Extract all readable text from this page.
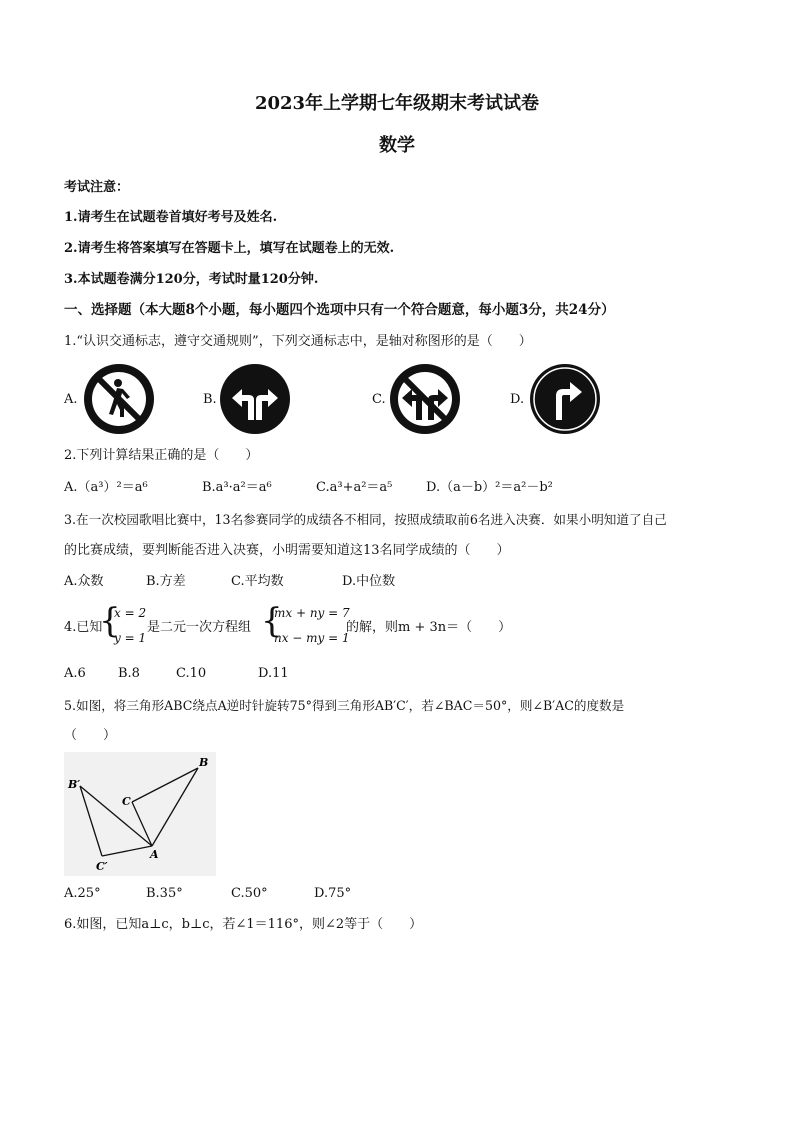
2023年上学期七年级期末考试试卷
数学
考试注意：
1.请考生在试题卷首填好考号及姓名.
2.请考生将答案填写在答题卡上，填写在试题卷上的无效.
3.本试题卷满分120分，考试时量120分钟.
一、选择题（本大题8个小题，每小题四个选项中只有一个符合题意，每小题3分，共24分）
1.“认识交通标志，遵守交通规则”，下列交通标志中，是轴对称图形的是（　　）
A.	B.	C.	D.
2.下列计算结果正确的是（　　）
A.（a³）²＝a⁶	B.a³·a²＝a⁶	C.a³+a²＝a⁵	D.（a－b）²＝a²－b²
3.在一次校园歌唱比赛中，13名参赛同学的成绩各不相同，按照成绩取前6名进入决赛．如果小明知道了自己
的比赛成绩，要判断能否进入决赛，小明需要知道这13名同学成绩的（　　）
A.众数	B.方差	C.平均数	D.中位数
4.已知
{
x = 2
y = 1
是二元一次方程组 {
mx + ny = 7
nx − my = 1
的解，则m + 3n＝（　　）
A.6 B.8	C.10	D.11
5.如图，将三角形ABC绕点A逆时针旋转75°得到三角形AB′C′，若∠BAC＝50°，则∠B′AC的度数是
（　　）
B
B′
C
C′
A
A.25°	B.35°	C.50°	D.75°
6.如图，已知a⊥c，b⊥c，若∠1＝116°，则∠2等于（　　）
